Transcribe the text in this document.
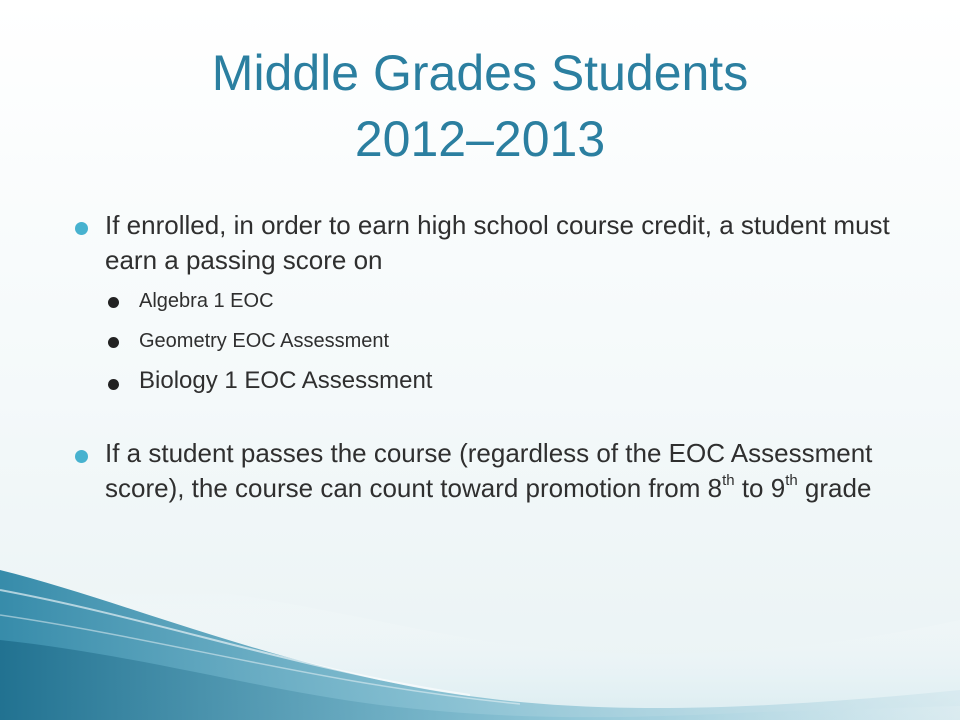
Middle Grades Students
2012–2013
If enrolled, in order to earn high school course credit, a student must earn a passing score on
Algebra 1 EOC
Geometry EOC Assessment
Biology 1 EOC Assessment
If a student passes the course (regardless of the EOC Assessment score), the course can count toward promotion from 8th to 9th grade
